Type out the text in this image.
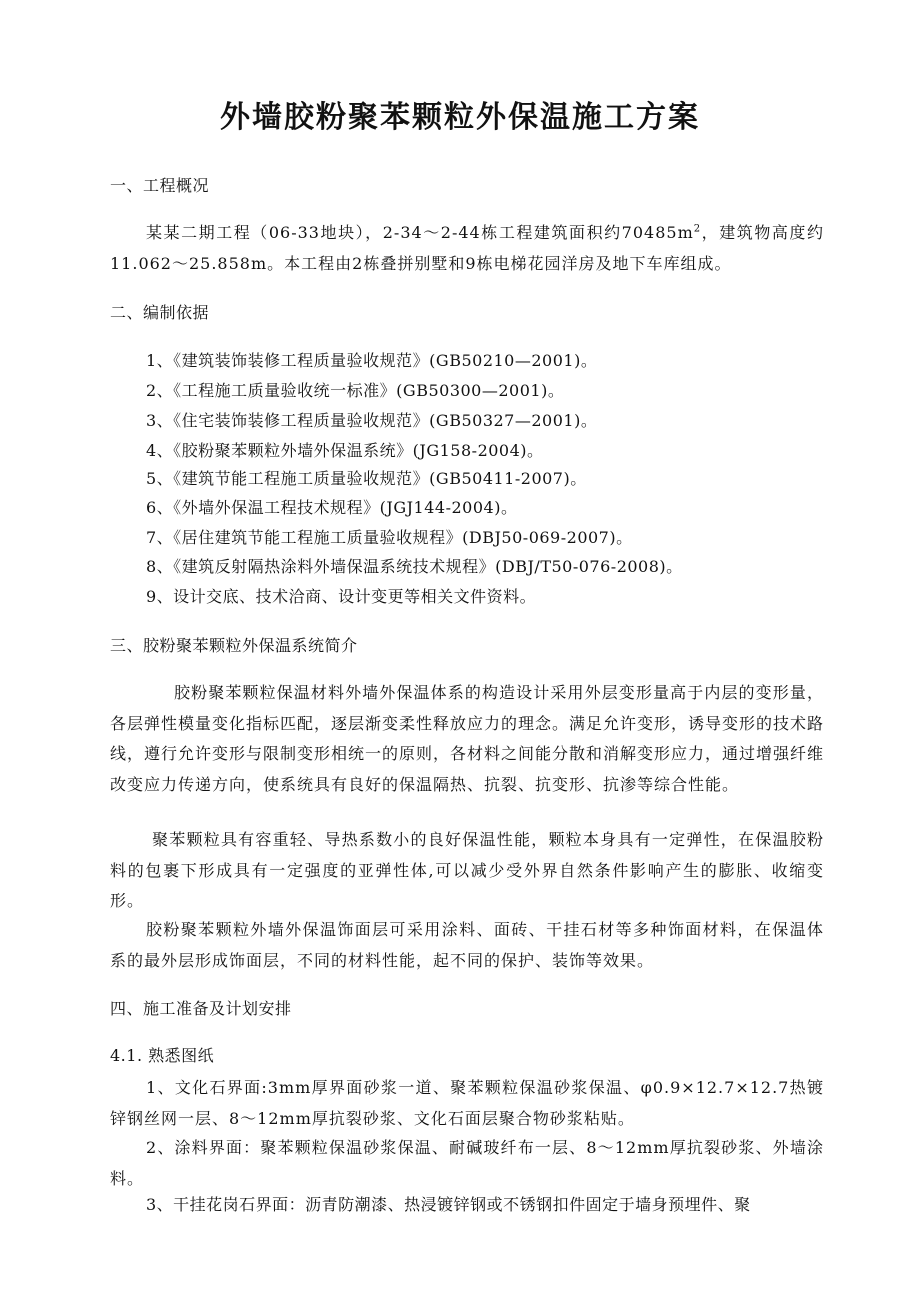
外墙胶粉聚苯颗粒外保温施工方案

一、工程概况

某某二期工程（06-33地块），2-34～2-44栋工程建筑面积约$70485m^2$，建筑物高度约11.062～25.858m。本工程由2栋叠拼别墅和9栋电梯花园洋房及地下车库组成。

二、编制依据

1、《建筑装饰装修工程质量验收规范》(GB50210—2001)。

2、《工程施工质量验收统一标准》(GB50300—2001)。

3、《住宅装饰装修工程质量验收规范》(GB50327—2001)。

4、《胶粉聚苯颗粒外墙外保温系统》(JG158-2004)。

5、《建筑节能工程施工质量验收规范》(GB50411-2007)。

6、《外墙外保温工程技术规程》(JGJ144-2004)。

7、《居住建筑节能工程施工质量验收规程》(DBJ50-069-2007)。

8、《建筑反射隔热涂料外墙保温系统技术规程》(DBJ/T50-076-2008)。

9、设计交底、技术洽商、设计变更等相关文件资料。

三、胶粉聚苯颗粒外保温系统简介

胶粉聚苯颗粒保温材料外墙外保温体系的构造设计采用外层变形量高于内层的变形量，各层弹性模量变化指标匹配，逐层渐变柔性释放应力的理念。满足允许变形，诱导变形的技术路线，遵行允许变形与限制变形相统一的原则，各材料之间能分散和消解变形应力，通过增强纤维改变应力传递方向，使系统具有良好的保温隔热、抗裂、抗变形、抗渗等综合性能。

聚苯颗粒具有容重轻、导热系数小的良好保温性能，颗粒本身具有一定弹性，在保温胶粉料的包裹下形成具有一定强度的亚弹性体,可以减少受外界自然条件影响产生的膨胀、收缩变形。

胶粉聚苯颗粒外墙外保温饰面层可采用涂料、面砖、干挂石材等多种饰面材料，在保温体系的最外层形成饰面层，不同的材料性能，起不同的保护、装饰等效果。

四、施工准备及计划安排

4.1. 熟悉图纸

1、文化石界面:3mm厚界面砂浆一道、聚苯颗粒保温砂浆保温、φ0.9×12.7×12.7热镀锌钢丝网一层、8～12mm厚抗裂砂浆、文化石面层聚合物砂浆粘贴。

2、涂料界面：聚苯颗粒保温砂浆保温、耐碱玻纤布一层、8～12mm厚抗裂砂浆、外墙涂料。

3、干挂花岗石界面：沥青防潮漆、热浸镀锌钢或不锈钢扣件固定于墙身预埋件、聚
